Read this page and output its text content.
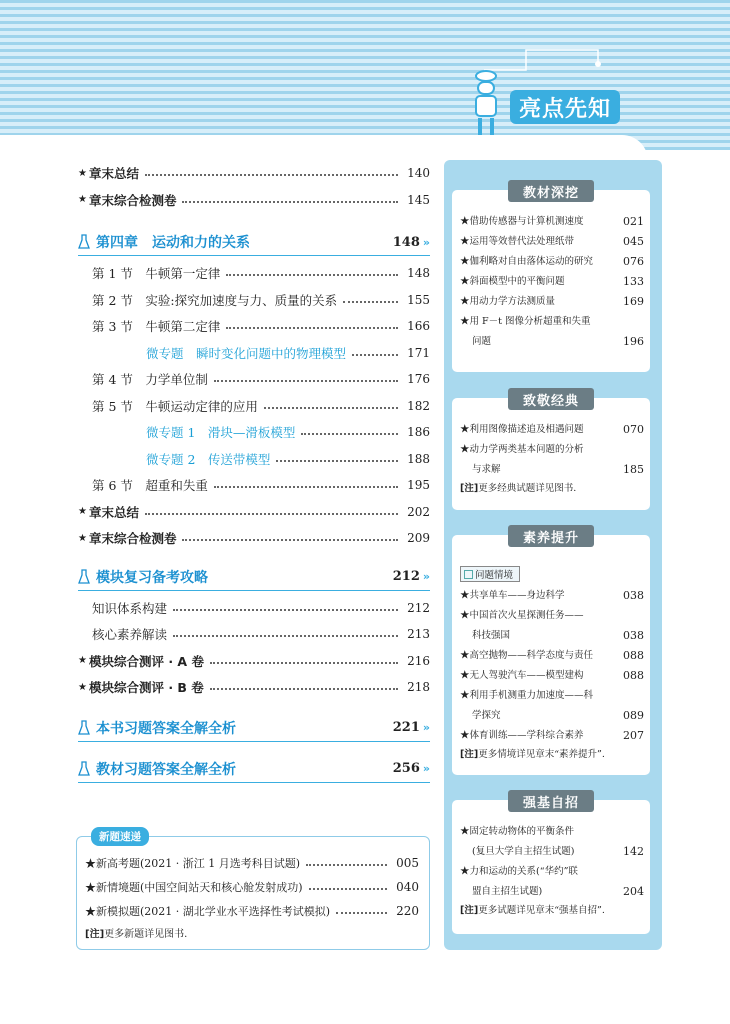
亮点先知
★ 章末总结	140
★ 章末综合检测卷	145
第四章　运动和力的关系	148 »
第 1 节　牛顿第一定律	148
第 2 节　实验:探究加速度与力、质量的关系	155
第 3 节　牛顿第二定律	166
微专题　瞬时变化问题中的物理模型	171
第 4 节　力学单位制	176
第 5 节　牛顿运动定律的应用	182
微专题 1　滑块—滑板模型	186
微专题 2　传送带模型	188
第 6 节　超重和失重	195
★ 章末总结	202
★ 章末综合检测卷	209
模块复习备考攻略	212 »
知识体系构建	212
核心素养解读	213
★ 模块综合测评 · A 卷	216
★ 模块综合测评 · B 卷	218
本书习题答案全解全析	221 »
教材习题答案全解全析	256 »
新题速递
★新高考题(2021 · 浙江 1 月选考科目试题)	005
★新情境题(中国空间站天和核心舱发射成功)	040
★新模拟题(2021 · 湖北学业水平选择性考试模拟)	220
[注] 更多新题详见图书.
教材深挖
★借助传感器与计算机测速度	021
★运用等效替代法处理纸带	045
★伽利略对自由落体运动的研究	076
★斜面模型中的平衡问题	133
★用动力学方法测质量	169
★用 F－t 图像分析超重和失重
问题	196
致敬经典
★利用图像描述追及相遇问题	070
★动力学两类基本问题的分析
与求解	185
[注]更多经典试题详见图书.
素养提升
问题情境
★共享单车——身边科学	038
★中国首次火星探测任务——
科技强国	038
★高空抛物——科学态度与责任	088
★无人驾驶汽车——模型建构	088
★利用手机测重力加速度——科
学探究	089
★体育训练——学科综合素养	207
[注]更多情境详见章末“素养提升”.
强基自招
★固定转动物体的平衡条件
(复旦大学自主招生试题)	142
★力和运动的关系(“华约”联
盟自主招生试题)	204
[注]更多试题详见章末“强基自招”.
